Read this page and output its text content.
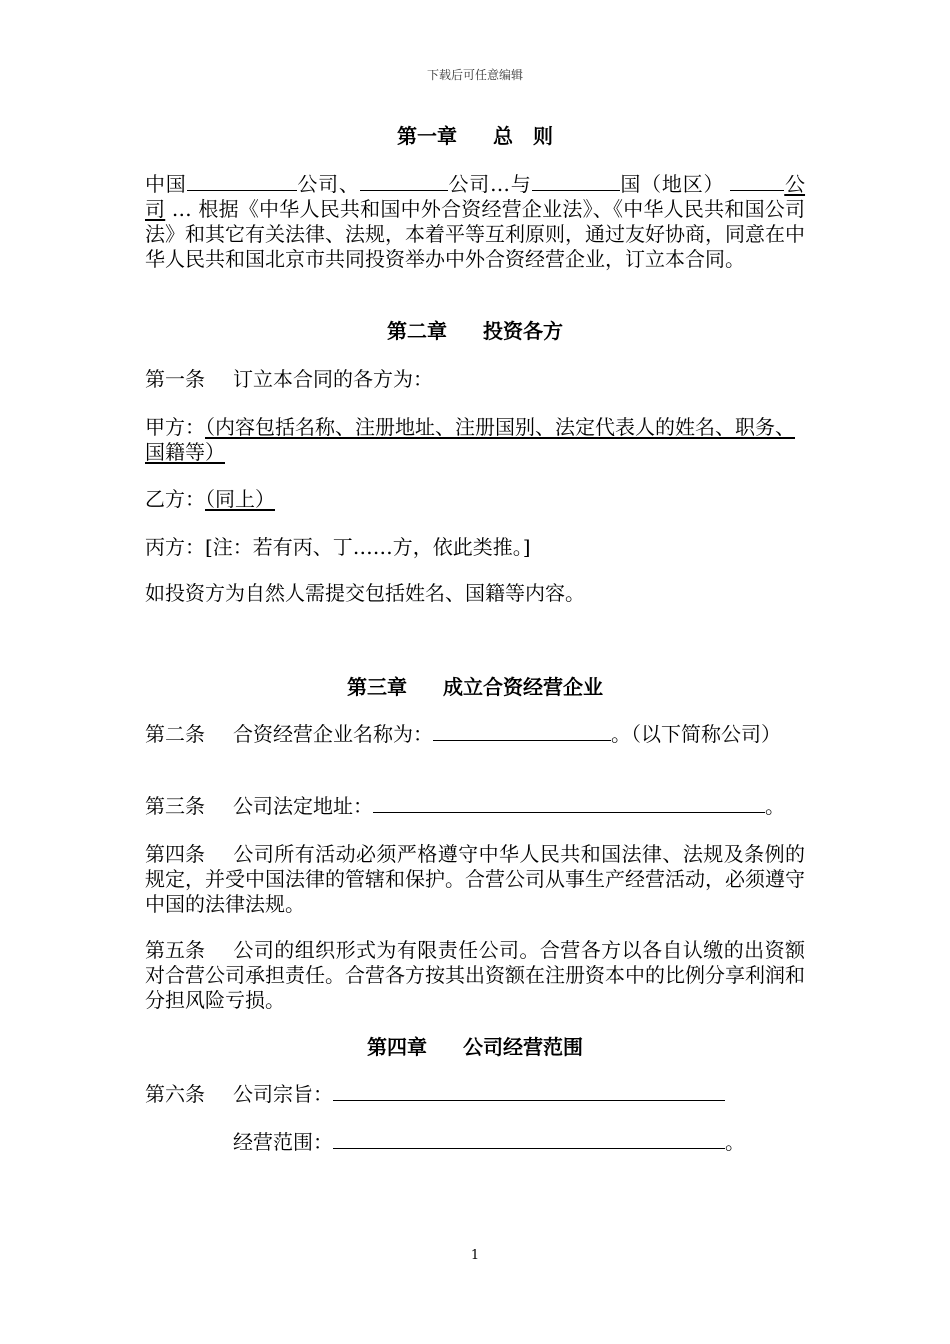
下载后可任意编辑
第一章 总　则
中国	公司、	公司…与	国（地区）	公司 … 根据《中华人民共和国中外合资经营企业法》、《中华人民共和国公司法》和其它有关法律、法规，本着平等互利原则，通过友好协商，同意在中华人民共和国北京市共同投资举办中外合资经营企业，订立本合同。
第二章 投资各方
第一条 订立本合同的各方为：
甲方：（内容包括名称、注册地址、注册国别、法定代表人的姓名、职务、国籍等）
乙方：（同上）
丙方：[注：若有丙、丁……方，依此类推。]
如投资方为自然人需提交包括姓名、国籍等内容。
第三章 成立合资经营企业
第二条 合资经营企业名称为：	。（以下简称公司）
第三条 公司法定地址：	。
第四条 公司所有活动必须严格遵守中华人民共和国法律、法规及条例的规定，并受中国法律的管辖和保护。合营公司从事生产经营活动，必须遵守中国的法律法规。
第五条 公司的组织形式为有限责任公司。合营各方以各自认缴的出资额对合营公司承担责任。合营各方按其出资额在注册资本中的比例分享利润和分担风险亏损。
第四章 公司经营范围
第六条 公司宗旨：
经营范围：	。
1
